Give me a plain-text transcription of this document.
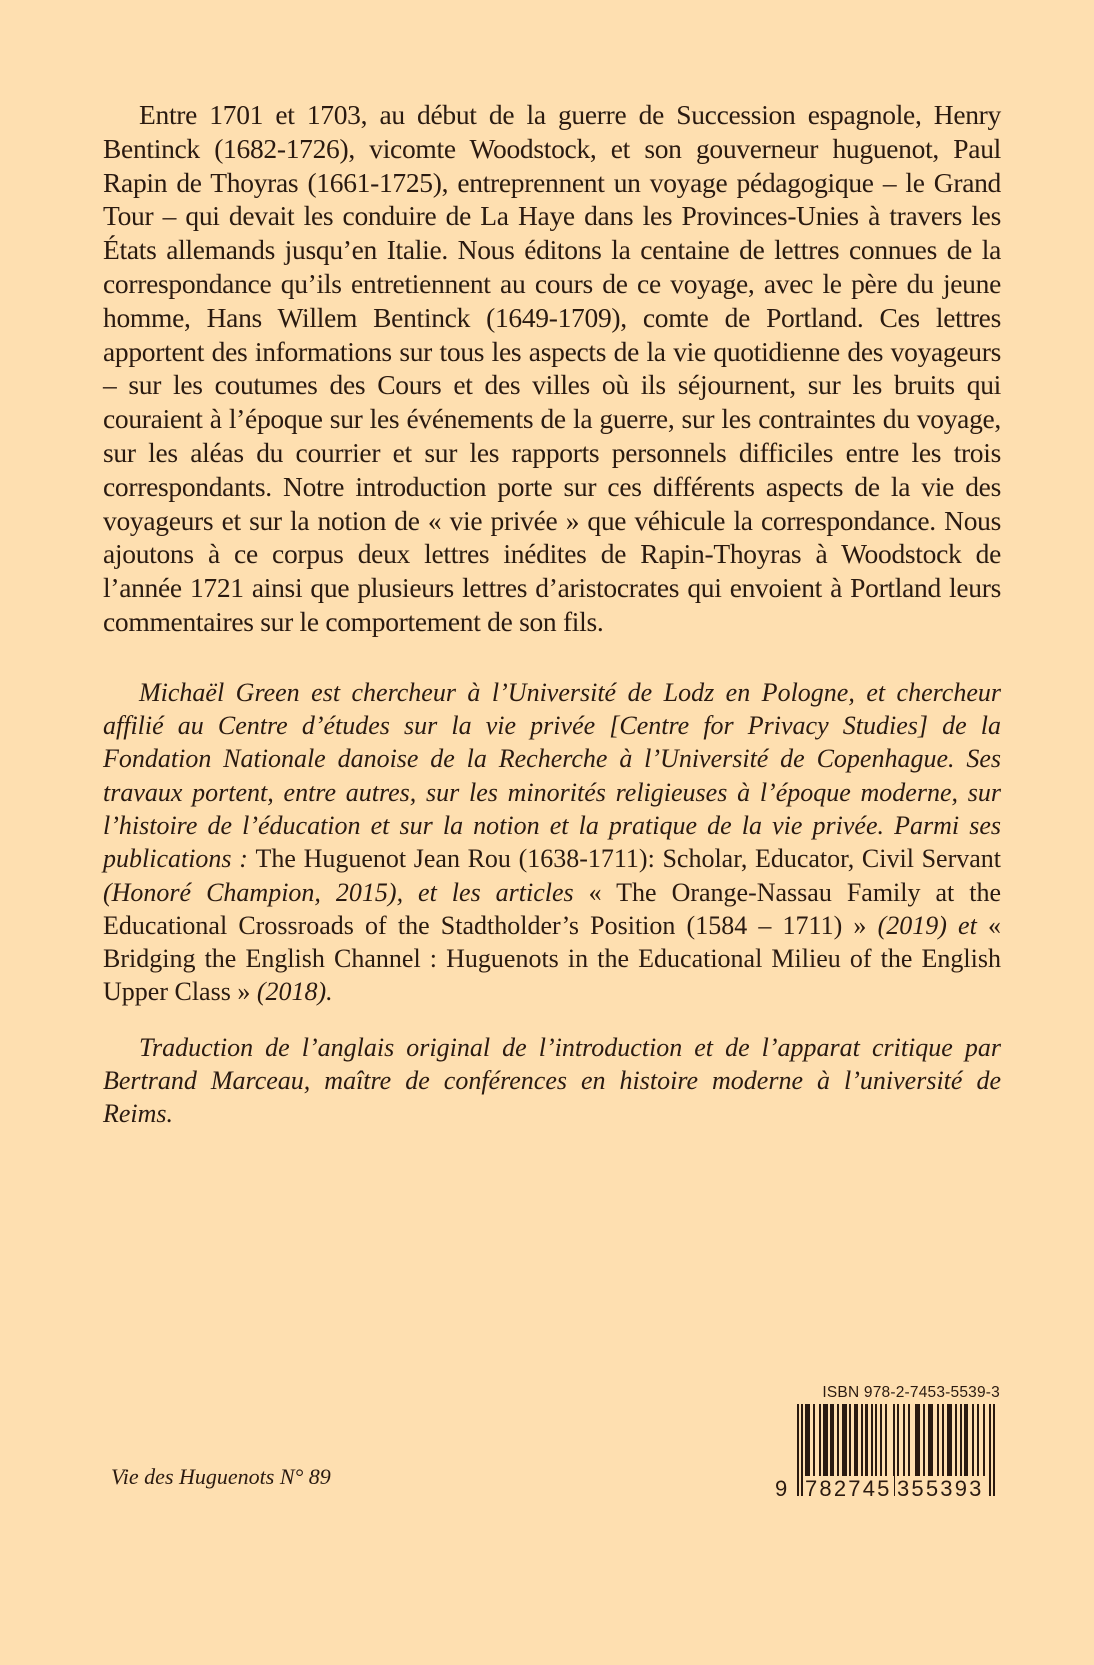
Entre 1701 et 1703, au début de la guerre de Succession espagnole, Henry Bentinck (1682-1726), vicomte Woodstock, et son gouverneur huguenot, Paul Rapin de Thoyras (1661-1725), entreprennent un voyage pédagogique – le Grand Tour – qui devait les conduire de La Haye dans les Provinces-Unies à travers les États allemands jusqu’en Italie. Nous éditons la centaine de lettres connues de la correspondance qu’ils entretiennent au cours de ce voyage, avec le père du jeune homme, Hans Willem Bentinck (1649-1709), comte de Portland. Ces lettres apportent des informations sur tous les aspects de la vie quotidienne des voyageurs – sur les coutumes des Cours et des villes où ils séjournent, sur les bruits qui couraient à l’époque sur les événements de la guerre, sur les contraintes du voyage, sur les aléas du courrier et sur les rapports personnels difficiles entre les trois correspondants. Notre introduction porte sur ces différents aspects de la vie des voyageurs et sur la notion de « vie privée » que véhicule la correspondance. Nous ajoutons à ce corpus deux lettres inédites de Rapin-Thoyras à Woodstock de l’année 1721 ainsi que plusieurs lettres d’aristocrates qui envoient à Portland leurs commentaires sur le comportement de son fils.

Michaël Green est chercheur à l’Université de Lodz en Pologne, et chercheur affilié au Centre d’études sur la vie privée [Centre for Privacy Studies] de la Fondation Nationale danoise de la Recherche à l’Université de Copenhague. Ses travaux portent, entre autres, sur les minorités religieuses à l’époque moderne, sur l’histoire de l’éducation et sur la notion et la pratique de la vie privée. Parmi ses publications : The Huguenot Jean Rou (1638-1711): Scholar, Educator, Civil Servant (Honoré Champion, 2015), et les articles « The Orange-Nassau Family at the Educational Crossroads of the Stadtholder’s Position (1584 – 1711) » (2019) et « Bridging the English Channel : Huguenots in the Educational Milieu of the English Upper Class » (2018).

Traduction de l’anglais original de l’introduction et de l’apparat critique par Bertrand Marceau, maître de conférences en histoire moderne à l’université de Reims.

Vie des Huguenots N° 89

ISBN 978-2-7453-5539-3
9 782745 355393
